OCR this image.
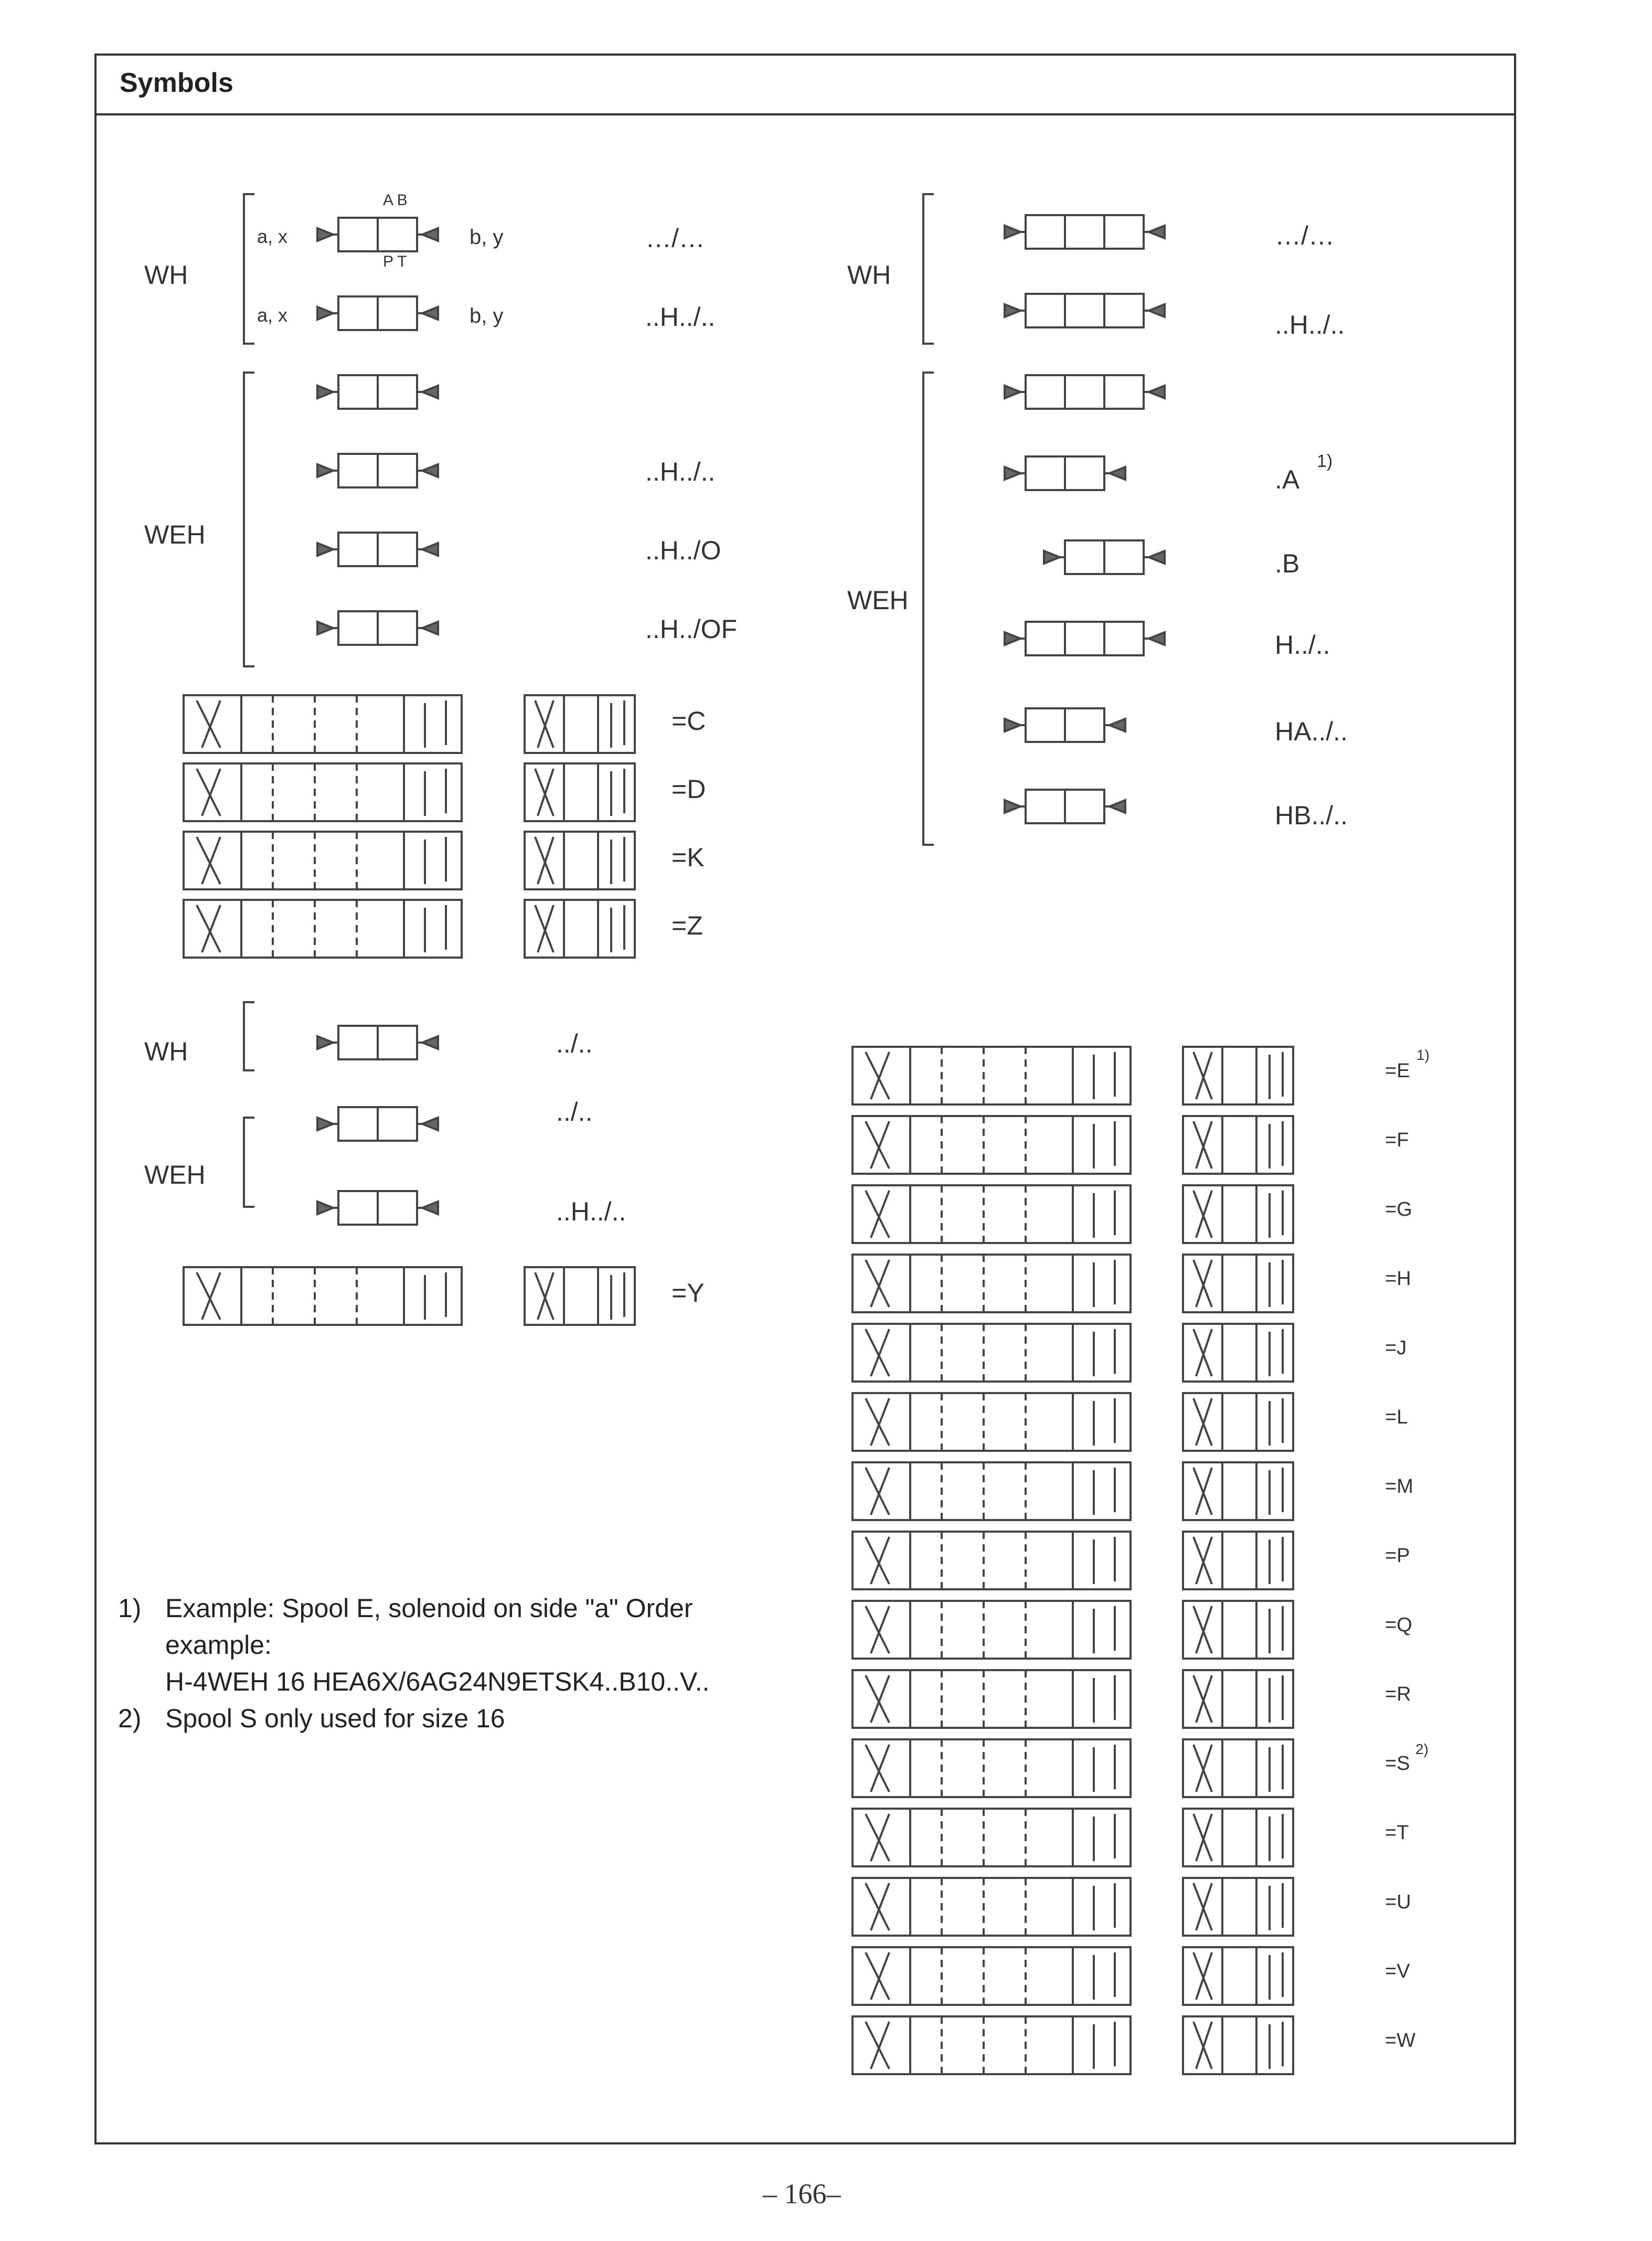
Symbols
WH
WEH
WH
WEH
WH
WEH
a, x	b, y
a, x	b, y
A B
P T
…/…
..H../..
..H../..
..H../O
..H../OF
…/…
..H../..
.A
1)
.B
H../..
HA../..
HB../..
../..
../..
..H../..
=C
=D
=K
=Z
=Y
=E
1)
=F
=G
=H
=J
=L
=M
=P
=Q
=R
=S
2)
=T
=U
=V
=W
1) Example: Spool E, solenoid on side "a" Order
example:
H-4WEH 16 HEA6X/6AG24N9ETSK4..B10..V..
2) Spool S only used for size 16
– 166–
